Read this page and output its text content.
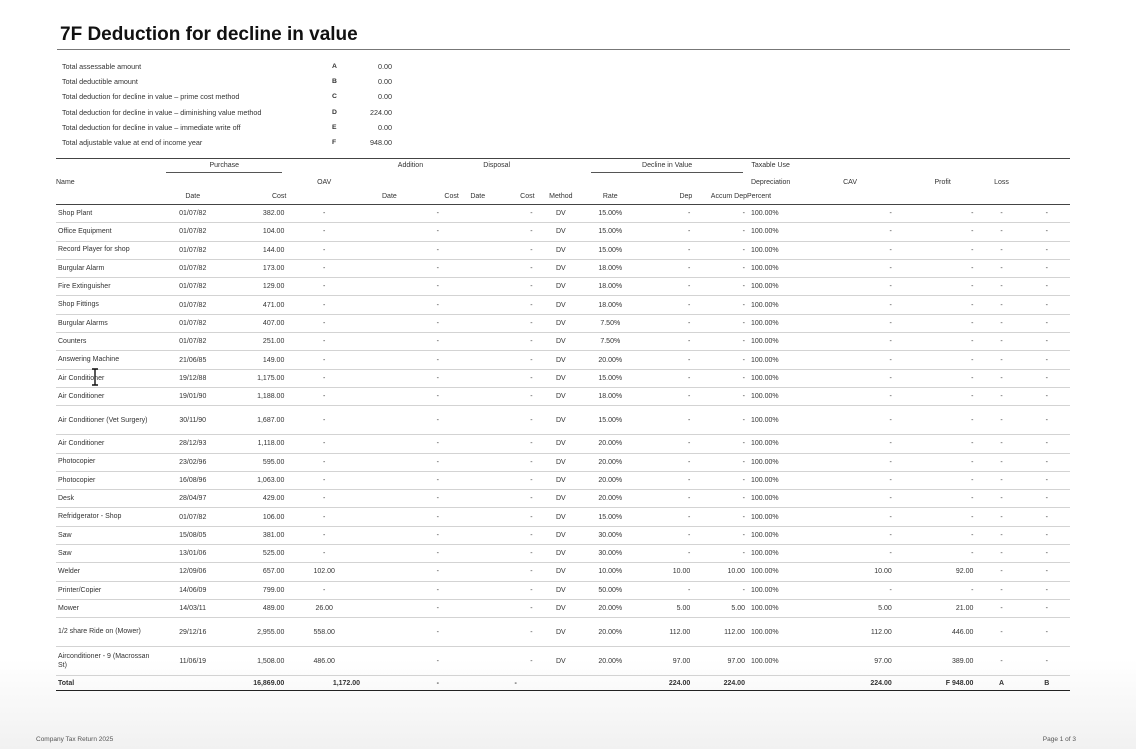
7F Deduction for decline in value
Total assessable amount	A	0.00
Total deductible amount	B	0.00
Total deduction for decline in value – prime cost method	C	0.00
Total deduction for decline in value – diminishing value method	D	224.00
Total deduction for decline in value – immediate write off	E	0.00
Total adjustable value at end of income year	F	948.00

	Purchase			Addition		Disposal			Decline in Value			Taxable Use				
Name			OAV									Depreciation	CAV	Profit	Loss	
	Date	Cost		Date	Cost	Date	Cost	Method	Rate	Dep	Accum Dep	Percent				
Shop Plant	01/07/82	382.00	-		-		-	DV	15.00%	-	-	100.00%	-	-	-	-
Office Equipment	01/07/82	104.00	-		-		-	DV	15.00%	-	-	100.00%	-	-	-	-
Record Player for shop	01/07/82	144.00	-		-		-	DV	15.00%	-	-	100.00%	-	-	-	-
Burgular Alarm	01/07/82	173.00	-		-		-	DV	18.00%	-	-	100.00%	-	-	-	-
Fire Extinguisher	01/07/82	129.00	-		-		-	DV	18.00%	-	-	100.00%	-	-	-	-
Shop Fittings	01/07/82	471.00	-		-		-	DV	18.00%	-	-	100.00%	-	-	-	-
Burgular Alarms	01/07/82	407.00	-		-		-	DV	7.50%	-	-	100.00%	-	-	-	-
Counters	01/07/82	251.00	-		-		-	DV	7.50%	-	-	100.00%	-	-	-	-
Answering Machine	21/06/85	149.00	-		-		-	DV	20.00%	-	-	100.00%	-	-	-	-
Air Conditioner	19/12/88	1,175.00	-		-		-	DV	15.00%	-	-	100.00%	-	-	-	-
Air Conditioner	19/01/90	1,188.00	-		-		-	DV	18.00%	-	-	100.00%	-	-	-	-
Air Conditioner (Vet Surgery)	30/11/90	1,687.00	-		-		-	DV	15.00%	-	-	100.00%	-	-	-	-
Air Conditioner	28/12/93	1,118.00	-		-		-	DV	20.00%	-	-	100.00%	-	-	-	-
Photocopier	23/02/96	595.00	-		-		-	DV	20.00%	-	-	100.00%	-	-	-	-
Photocopier	16/08/96	1,063.00	-		-		-	DV	20.00%	-	-	100.00%	-	-	-	-
Desk	28/04/97	429.00	-		-		-	DV	20.00%	-	-	100.00%	-	-	-	-
Refridgerator - Shop	01/07/82	106.00	-		-		-	DV	15.00%	-	-	100.00%	-	-	-	-
Saw	15/08/05	381.00	-		-		-	DV	30.00%	-	-	100.00%	-	-	-	-
Saw	13/01/06	525.00	-		-		-	DV	30.00%	-	-	100.00%	-	-	-	-
Welder	12/09/06	657.00	102.00		-		-	DV	10.00%	10.00	10.00	100.00%	10.00	92.00	-	-
Printer/Copier	14/06/09	799.00	-		-		-	DV	50.00%	-	-	100.00%	-	-	-	-
Mower	14/03/11	489.00	26.00		-		-	DV	20.00%	5.00	5.00	100.00%	5.00	21.00	-	-
1/2 share Ride on (Mower)	29/12/16	2,955.00	558.00		-		-	DV	20.00%	112.00	112.00	100.00%	112.00	446.00	-	-
Airconditioner - 9 (Macrossan St)	11/06/19	1,508.00	486.00		-		-	DV	20.00%	97.00	97.00	100.00%	97.00	389.00	-	-
Total		16,869.00	1,172.00		-		-			224.00	224.00		224.00	F 948.00	A	B
Company Tax Return 2025	Page 1 of 3
